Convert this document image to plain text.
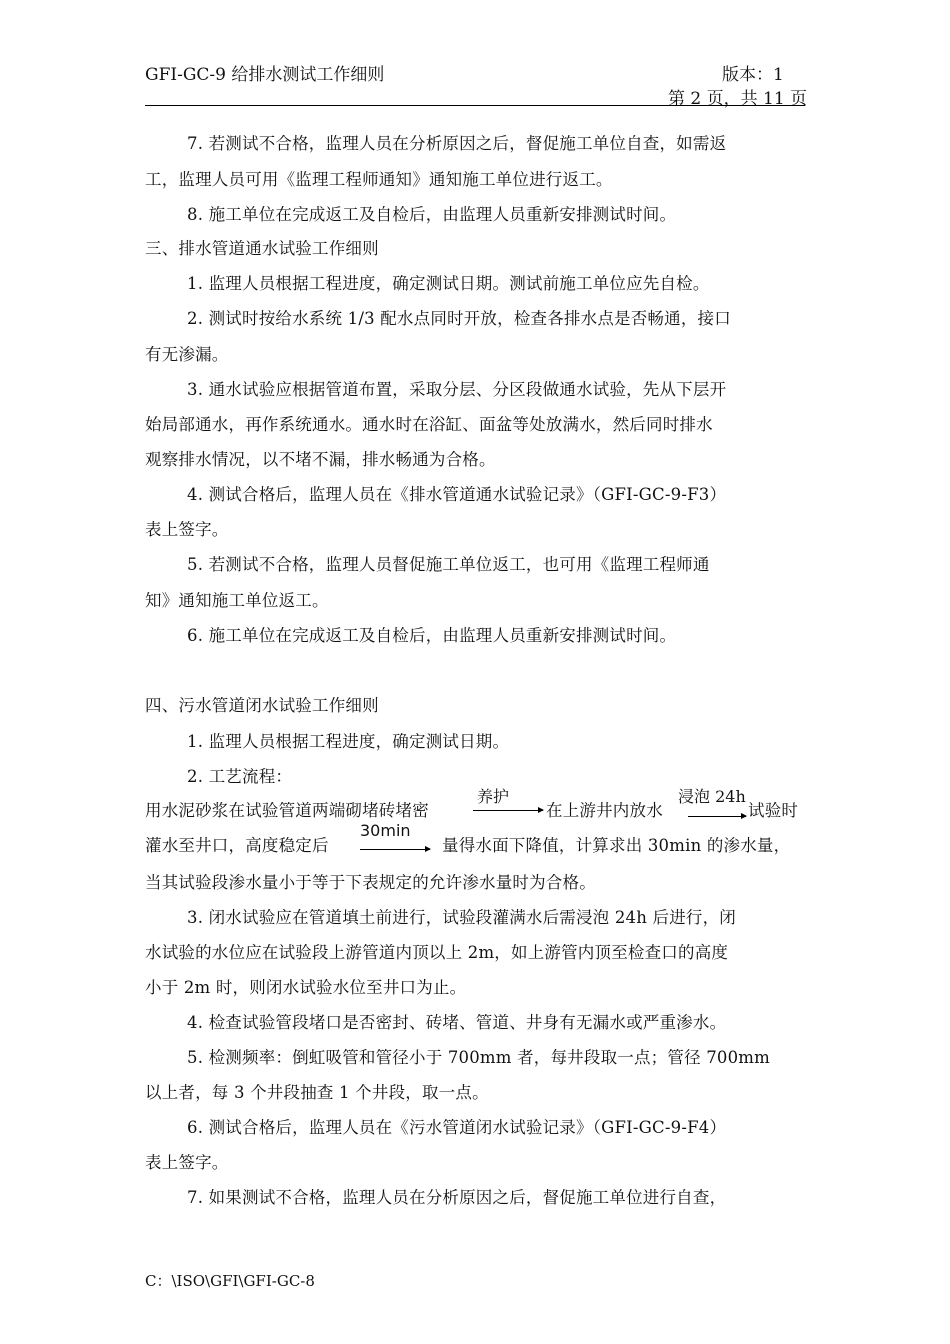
GFI-GC-9 给排水测试工作细则	版本：1
第 2 页，共 11 页
7. 若测试不合格，监理人员在分析原因之后，督促施工单位自查，如需返
工，监理人员可用《监理工程师通知》通知施工单位进行返工。
8. 施工单位在完成返工及自检后，由监理人员重新安排测试时间。
三、排水管道通水试验工作细则
1. 监理人员根据工程进度，确定测试日期。测试前施工单位应先自检。
2. 测试时按给水系统 1/3 配水点同时开放，检查各排水点是否畅通，接口
有无渗漏。
3. 通水试验应根据管道布置，采取分层、分区段做通水试验，先从下层开
始局部通水，再作系统通水。通水时在浴缸、面盆等处放满水，然后同时排水
观察排水情况，以不堵不漏，排水畅通为合格。
4. 测试合格后，监理人员在《排水管道通水试验记录》（GFI-GC-9-F3）
表上签字。
5. 若测试不合格，监理人员督促施工单位返工，也可用《监理工程师通
知》通知施工单位返工。
6. 施工单位在完成返工及自检后，由监理人员重新安排测试时间。
四、污水管道闭水试验工作细则
1. 监理人员根据工程进度，确定测试日期。
2. 工艺流程：
用水泥砂浆在试验管道两端砌堵砖堵密
养护
在上游井内放水
浸泡 24h
试验时
灌水至井口，高度稳定后
30min
量得水面下降值，计算求出 30min 的渗水量，
当其试验段渗水量小于等于下表规定的允许渗水量时为合格。
3. 闭水试验应在管道填土前进行，试验段灌满水后需浸泡 24h 后进行，闭
水试验的水位应在试验段上游管道内顶以上 2m，如上游管内顶至检查口的高度
小于 2m 时，则闭水试验水位至井口为止。
4. 检查试验管段堵口是否密封、砖堵、管道、井身有无漏水或严重渗水。
5. 检测频率：倒虹吸管和管径小于 700mm 者，每井段取一点；管径 700mm
以上者，每 3 个井段抽查 1 个井段，取一点。
6. 测试合格后，监理人员在《污水管道闭水试验记录》（GFI-GC-9-F4）
表上签字。
7. 如果测试不合格，监理人员在分析原因之后，督促施工单位进行自查，
C：\ISO\GFI\GFI-GC-8
